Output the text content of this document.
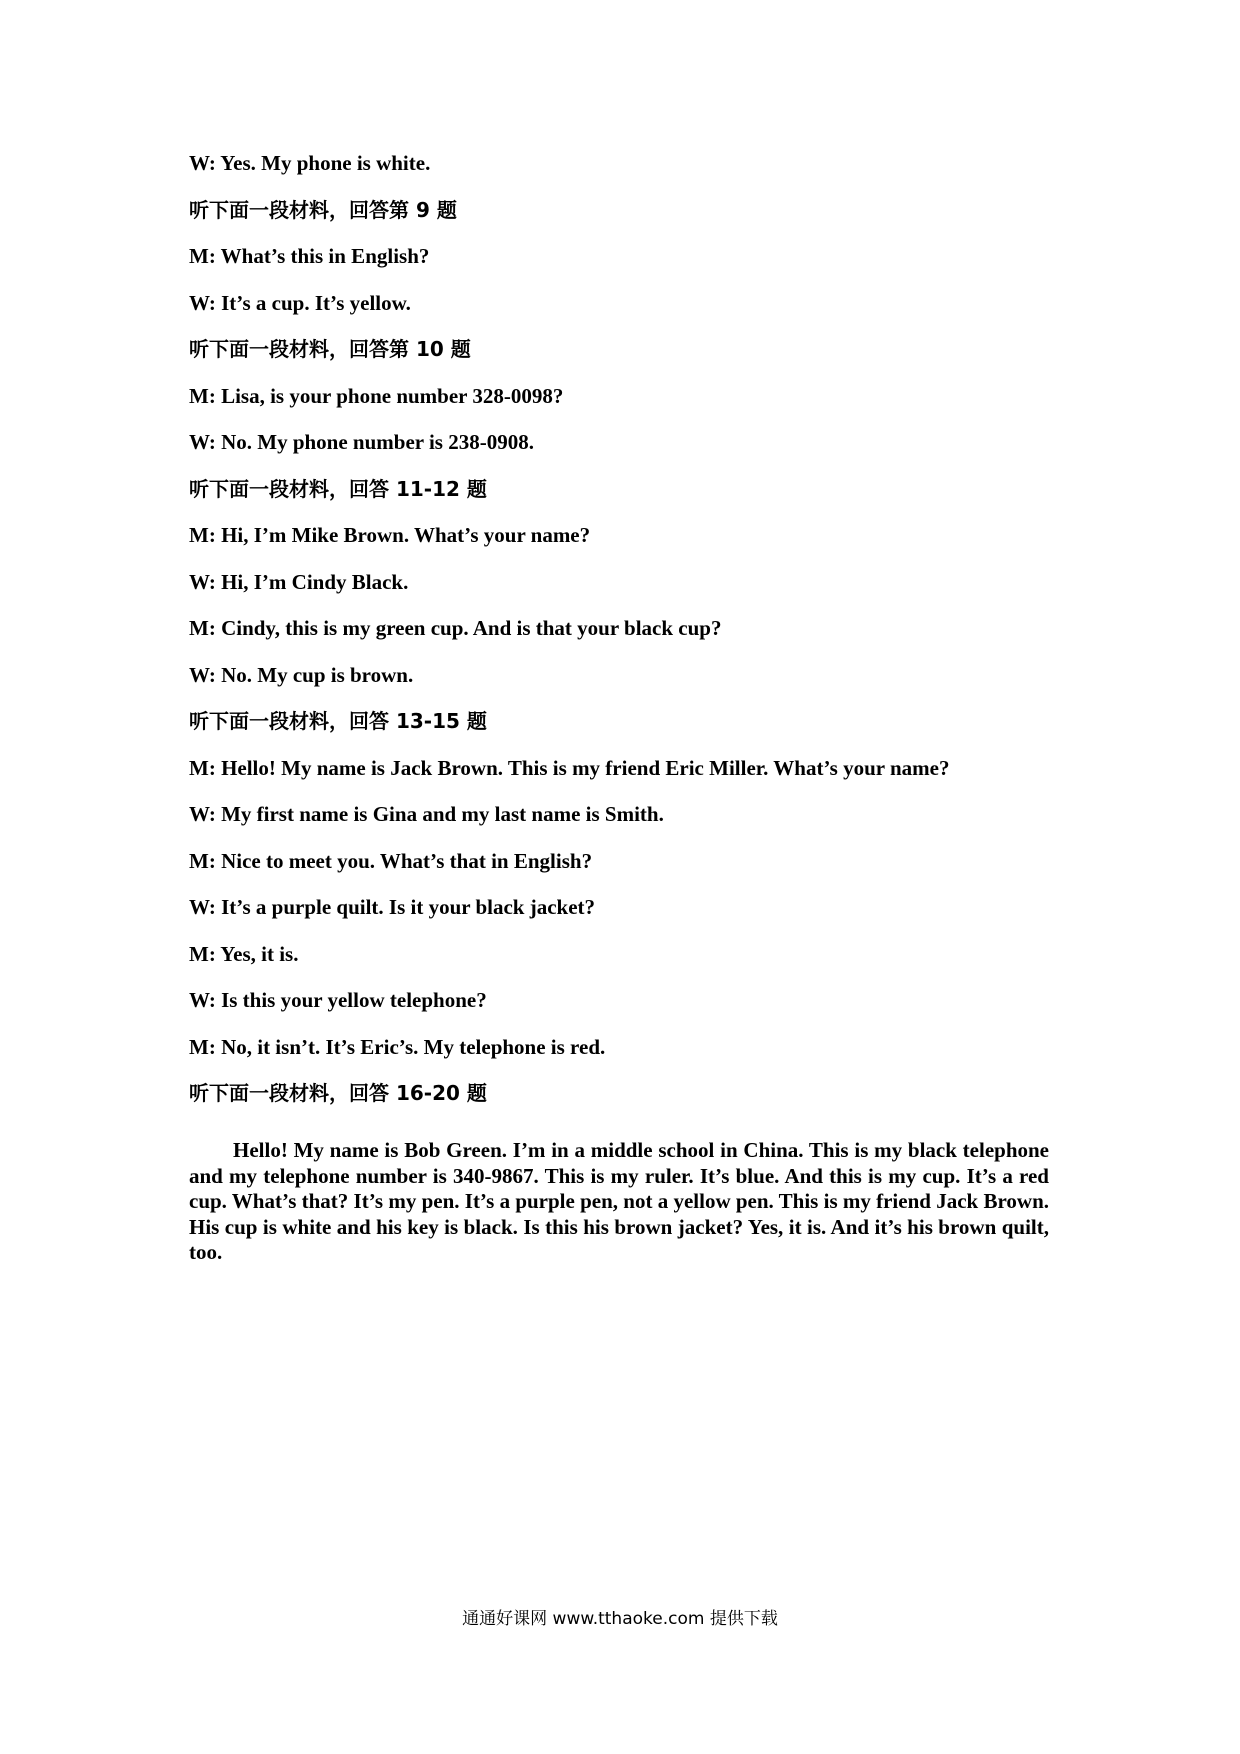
W: Yes. My phone is white.
听下面一段材料，回答第 9 题
M: What’s this in English?
W: It’s a cup. It’s yellow.
听下面一段材料，回答第 10 题
M: Lisa, is your phone number 328-0098?
W: No. My phone number is 238-0908.
听下面一段材料，回答 11-12 题
M: Hi, I’m Mike Brown. What’s your name?
W: Hi, I’m Cindy Black.
M: Cindy, this is my green cup. And is that your black cup?
W: No. My cup is brown.
听下面一段材料，回答 13-15 题
M: Hello! My name is Jack Brown. This is my friend Eric Miller. What’s your name?
W: My first name is Gina and my last name is Smith.
M: Nice to meet you. What’s that in English?
W: It’s a purple quilt. Is it your black jacket?
M: Yes, it is.
W: Is this your yellow telephone?
M: No, it isn’t. It’s Eric’s. My telephone is red.
听下面一段材料，回答 16-20 题

Hello! My name is Bob Green. I’m in a middle school in China. This is my black telephone and my telephone number is 340-9867. This is my ruler. It’s blue. And this is my cup. It’s a red cup. What’s that? It’s my pen. It’s a purple pen, not a yellow pen. This is my friend Jack Brown. His cup is white and his key is black. Is this his brown jacket? Yes, it is. And it’s his brown quilt, too.

通通好课网 www.tthaoke.com 提供下载
